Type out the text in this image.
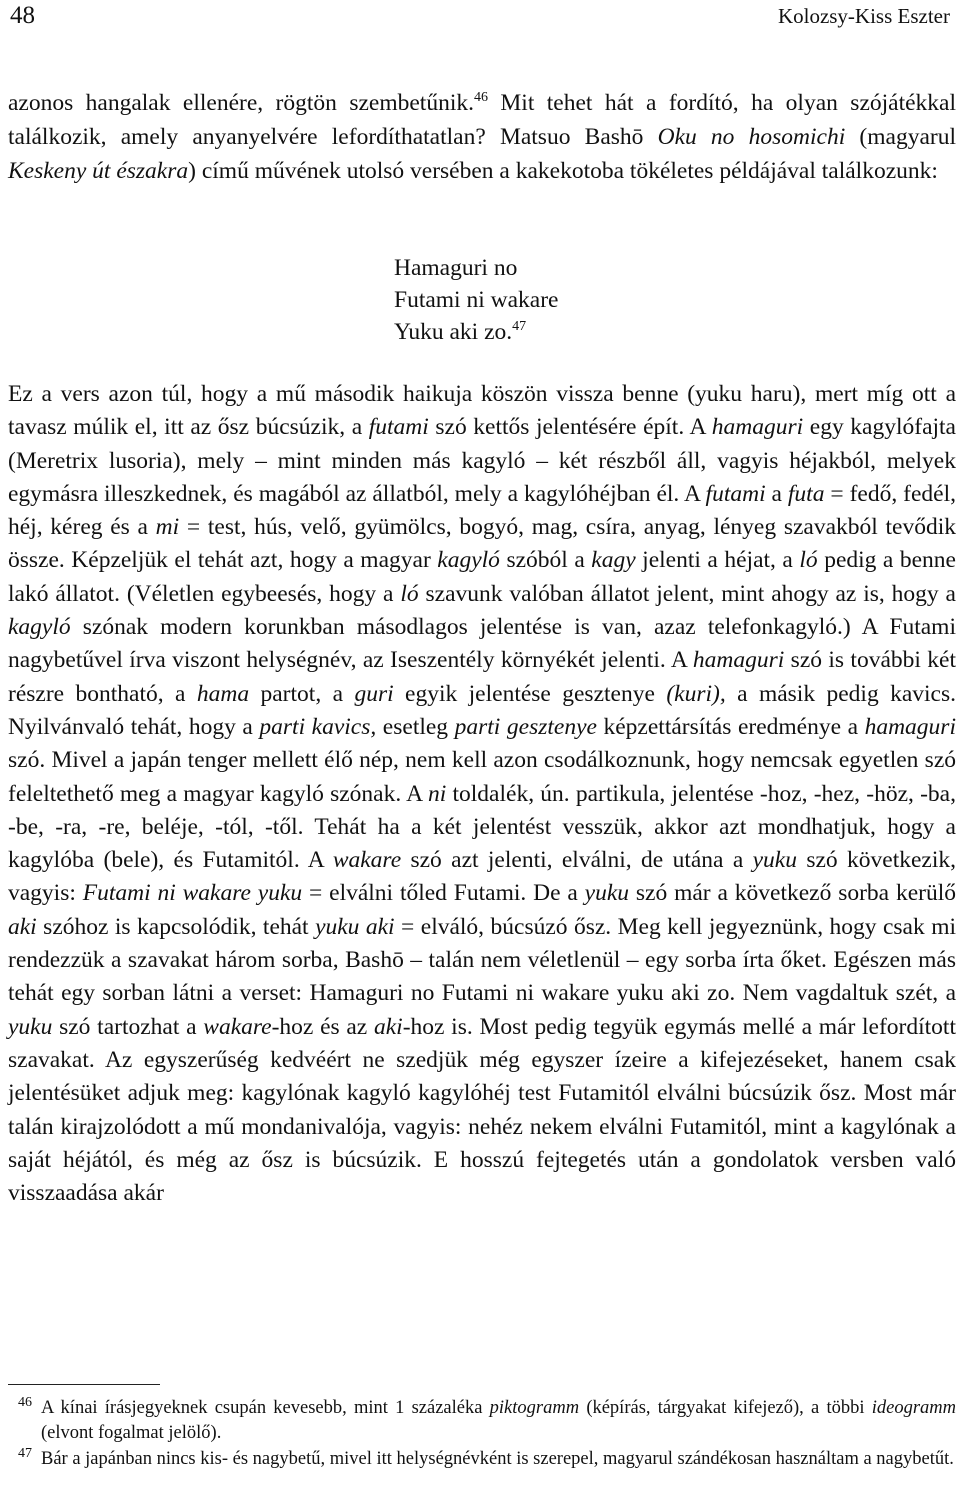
48	Kolozsy-Kiss Eszter

azonos hangalak ellenére, rögtön szembetűnik.$^{46}$ Mit tehet hát a fordító, ha olyan szójátékkal találkozik, amely anyanyelvére lefordíthatatlan? Matsuo Bashō Oku no hosomichi (magyarul Keskeny út északra) című művének utolsó versében a kakekotoba tökéletes példájával találkozunk:

Hamaguri no
Futami ni wakare
Yuku aki zo.$^{47}$

Ez a vers azon túl, hogy a mű második haikuja köszön vissza benne (yuku haru), mert míg ott a tavasz múlik el, itt az ősz búcsúzik, a futami szó kettős jelentésére épít. A hamaguri egy kagylófajta (Meretrix lusoria), mely – mint minden más kagyló – két részből áll, vagyis héjakból, melyek egymásra illeszkednek, és magából az állatból, mely a kagylóhéjban él. A futami a futa = fedő, fedél, héj, kéreg és a mi = test, hús, velő, gyümölcs, bogyó, mag, csíra, anyag, lényeg szavakból tevődik össze. Képzeljük el tehát azt, hogy a magyar kagyló szóból a kagy jelenti a héjat, a ló pedig a benne lakó állatot. (Véletlen egybeesés, hogy a ló szavunk valóban állatot jelent, mint ahogy az is, hogy a kagyló szónak modern korunkban másodlagos jelentése is van, azaz telefonkagyló.) A Futami nagybetűvel írva viszont helységnév, az Iseszentély környékét jelenti. A hamaguri szó is további két részre bontható, a hama partot, a guri egyik jelentése gesztenye (kuri), a másik pedig kavics. Nyilvánvaló tehát, hogy a parti kavics, esetleg parti gesztenye képzettársítás eredménye a hamaguri szó. Mivel a japán tenger mellett élő nép, nem kell azon csodálkoznunk, hogy nemcsak egyetlen szó feleltethető meg a magyar kagyló szónak. A ni toldalék, ún. partikula, jelentése -hoz, -hez, -höz, -ba, -be, -ra, -re, beléje, -tól, -től. Tehát ha a két jelentést vesszük, akkor azt mondhatjuk, hogy a kagylóba (bele), és Futamitól. A wakare szó azt jelenti, elválni, de utána a yuku szó következik, vagyis: Futami ni wakare yuku = elválni tőled Futami. De a yuku szó már a következő sorba kerülő aki szóhoz is kapcsolódik, tehát yuku aki = elváló, búcsúzó ősz. Meg kell jegyeznünk, hogy csak mi rendezzük a szavakat három sorba, Bashō – talán nem véletlenül – egy sorba írta őket. Egészen más tehát egy sorban látni a verset: Hamaguri no Futami ni wakare yuku aki zo. Nem vagdaltuk szét, a yuku szó tartozhat a wakare-hoz és az aki-hoz is. Most pedig tegyük egymás mellé a már lefordított szavakat. Az egyszerűség kedvéért ne szedjük még egyszer ízeire a kifejezéseket, hanem csak jelentésüket adjuk meg: kagylónak kagyló kagylóhéj test Futamitól elválni búcsúzik ősz. Most már talán kirajzolódott a mű mondanivalója, vagyis: nehéz nekem elválni Futamitól, mint a kagylónak a saját héjától, és még az ősz is búcsúzik. E hosszú fejtegetés után a gondolatok versben való visszaadása akár

46 A kínai írásjegyeknek csupán kevesebb, mint 1 százaléka piktogramm (képírás, tárgyakat kifejező), a többi ideogramm (elvont fogalmat jelölő).

47 Bár a japánban nincs kis- és nagybetű, mivel itt helységnévként is szerepel, magyarul szándékosan használtam a nagybetűt.
